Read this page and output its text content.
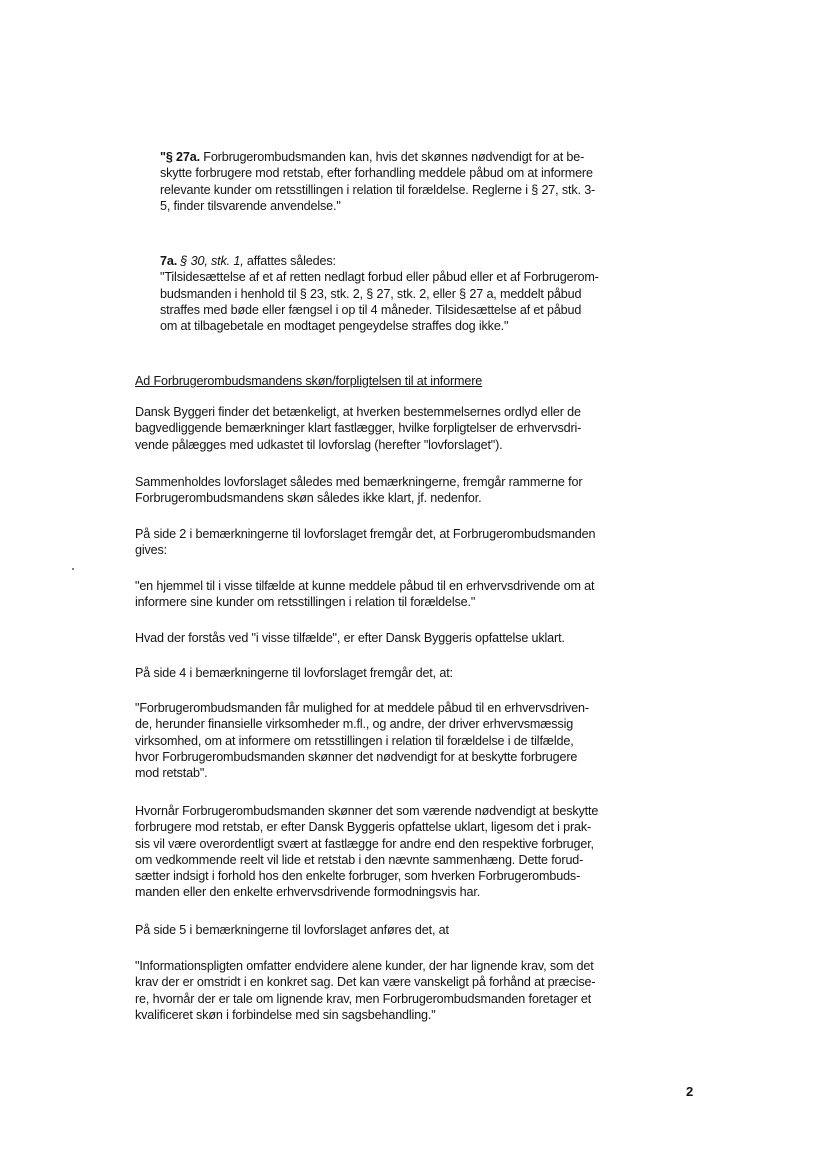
"§ 27a. Forbrugerombudsmanden kan, hvis det skønnes nødvendigt for at be-
skytte forbrugere mod retstab, efter forhandling meddele påbud om at informere
relevante kunder om retsstillingen i relation til forældelse. Reglerne i § 27, stk. 3-
5, finder tilsvarende anvendelse."
7a. § 30, stk. 1, affattes således:
"Tilsidesættelse af et af retten nedlagt forbud eller påbud eller et af Forbrugerom-
budsmanden i henhold til § 23, stk. 2, § 27, stk. 2, eller § 27 a, meddelt påbud
straffes med bøde eller fængsel i op til 4 måneder. Tilsidesættelse af et påbud
om at tilbagebetale en modtaget pengeydelse straffes dog ikke."
Ad Forbrugerombudsmandens skøn/forpligtelsen til at informere
Dansk Byggeri finder det betænkeligt, at hverken bestemmelsernes ordlyd eller de
bagvedliggende bemærkninger klart fastlægger, hvilke forpligtelser de erhvervsdri-
vende pålægges med udkastet til lovforslag (herefter "lovforslaget").
Sammenholdes lovforslaget således med bemærkningerne, fremgår rammerne for
Forbrugerombudsmandens skøn således ikke klart, jf. nedenfor.
På side 2 i bemærkningerne til lovforslaget fremgår det, at Forbrugerombudsmanden
gives:
"en hjemmel til i visse tilfælde at kunne meddele påbud til en erhvervsdrivende om at
informere sine kunder om retsstillingen i relation til forældelse."
Hvad der forstås ved "i visse tilfælde", er efter Dansk Byggeris opfattelse uklart.
På side 4 i bemærkningerne til lovforslaget fremgår det, at:
"Forbrugerombudsmanden får mulighed for at meddele påbud til en erhvervsdriven-
de, herunder finansielle virksomheder m.fl., og andre, der driver erhvervsmæssig
virksomhed, om at informere om retsstillingen i relation til forældelse i de tilfælde,
hvor Forbrugerombudsmanden skønner det nødvendigt for at beskytte forbrugere
mod retstab".
Hvornår Forbrugerombudsmanden skønner det som værende nødvendigt at beskytte
forbrugere mod retstab, er efter Dansk Byggeris opfattelse uklart, ligesom det i prak-
sis vil være overordentligt svært at fastlægge for andre end den respektive forbruger,
om vedkommende reelt vil lide et retstab i den nævnte sammenhæng. Dette forud-
sætter indsigt i forhold hos den enkelte forbruger, som hverken Forbrugerombuds-
manden eller den enkelte erhvervsdrivende formodningsvis har.
På side 5 i bemærkningerne til lovforslaget anføres det, at
"Informationspligten omfatter endvidere alene kunder, der har lignende krav, som det
krav der er omstridt i en konkret sag. Det kan være vanskeligt på forhånd at præcise-
re, hvornår der er tale om lignende krav, men Forbrugerombudsmanden foretager et
kvalificeret skøn i forbindelse med sin sagsbehandling."
2
